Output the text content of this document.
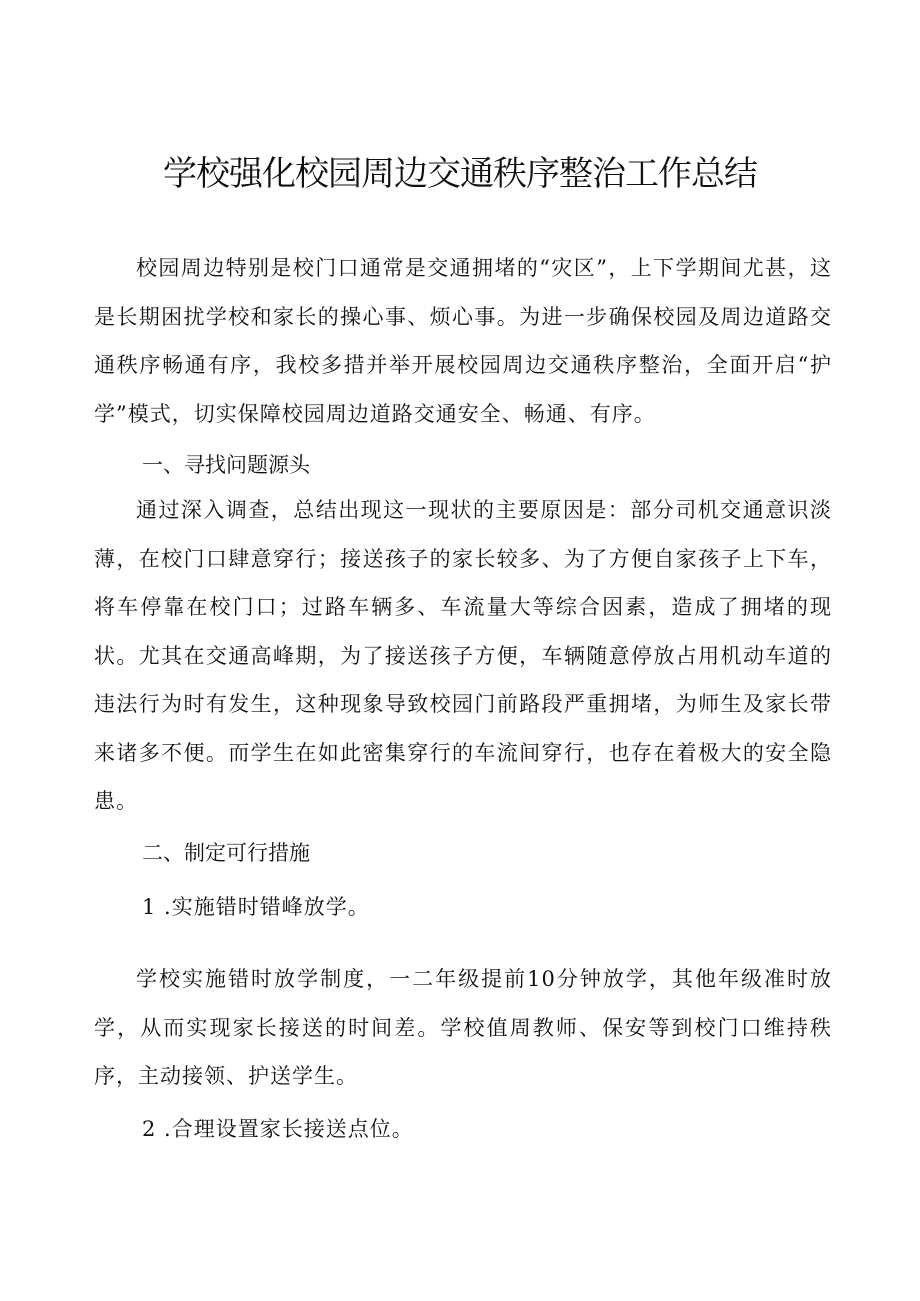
学校强化校园周边交通秩序整治工作总结

校园周边特别是校门口通常是交通拥堵的“灾区”，上下学期间尤甚，这是长期困扰学校和家长的操心事、烦心事。为进一步确保校园及周边道路交通秩序畅通有序，我校多措并举开展校园周边交通秩序整治，全面开启“护学”模式，切实保障校园周边道路交通安全、畅通、有序。

一、寻找问题源头

通过深入调查，总结出现这一现状的主要原因是：部分司机交通意识淡薄，在校门口肆意穿行；接送孩子的家长较多、为了方便自家孩子上下车，将车停靠在校门口；过路车辆多、车流量大等综合因素，造成了拥堵的现状。尤其在交通高峰期，为了接送孩子方便，车辆随意停放占用机动车道的违法行为时有发生，这种现象导致校园门前路段严重拥堵，为师生及家长带来诸多不便。而学生在如此密集穿行的车流间穿行，也存在着极大的安全隐患。

二、制定可行措施

1 .实施错时错峰放学。

学校实施错时放学制度，一二年级提前10分钟放学，其他年级准时放学，从而实现家长接送的时间差。学校值周教师、保安等到校门口维持秩序，主动接领、护送学生。

2 .合理设置家长接送点位。
